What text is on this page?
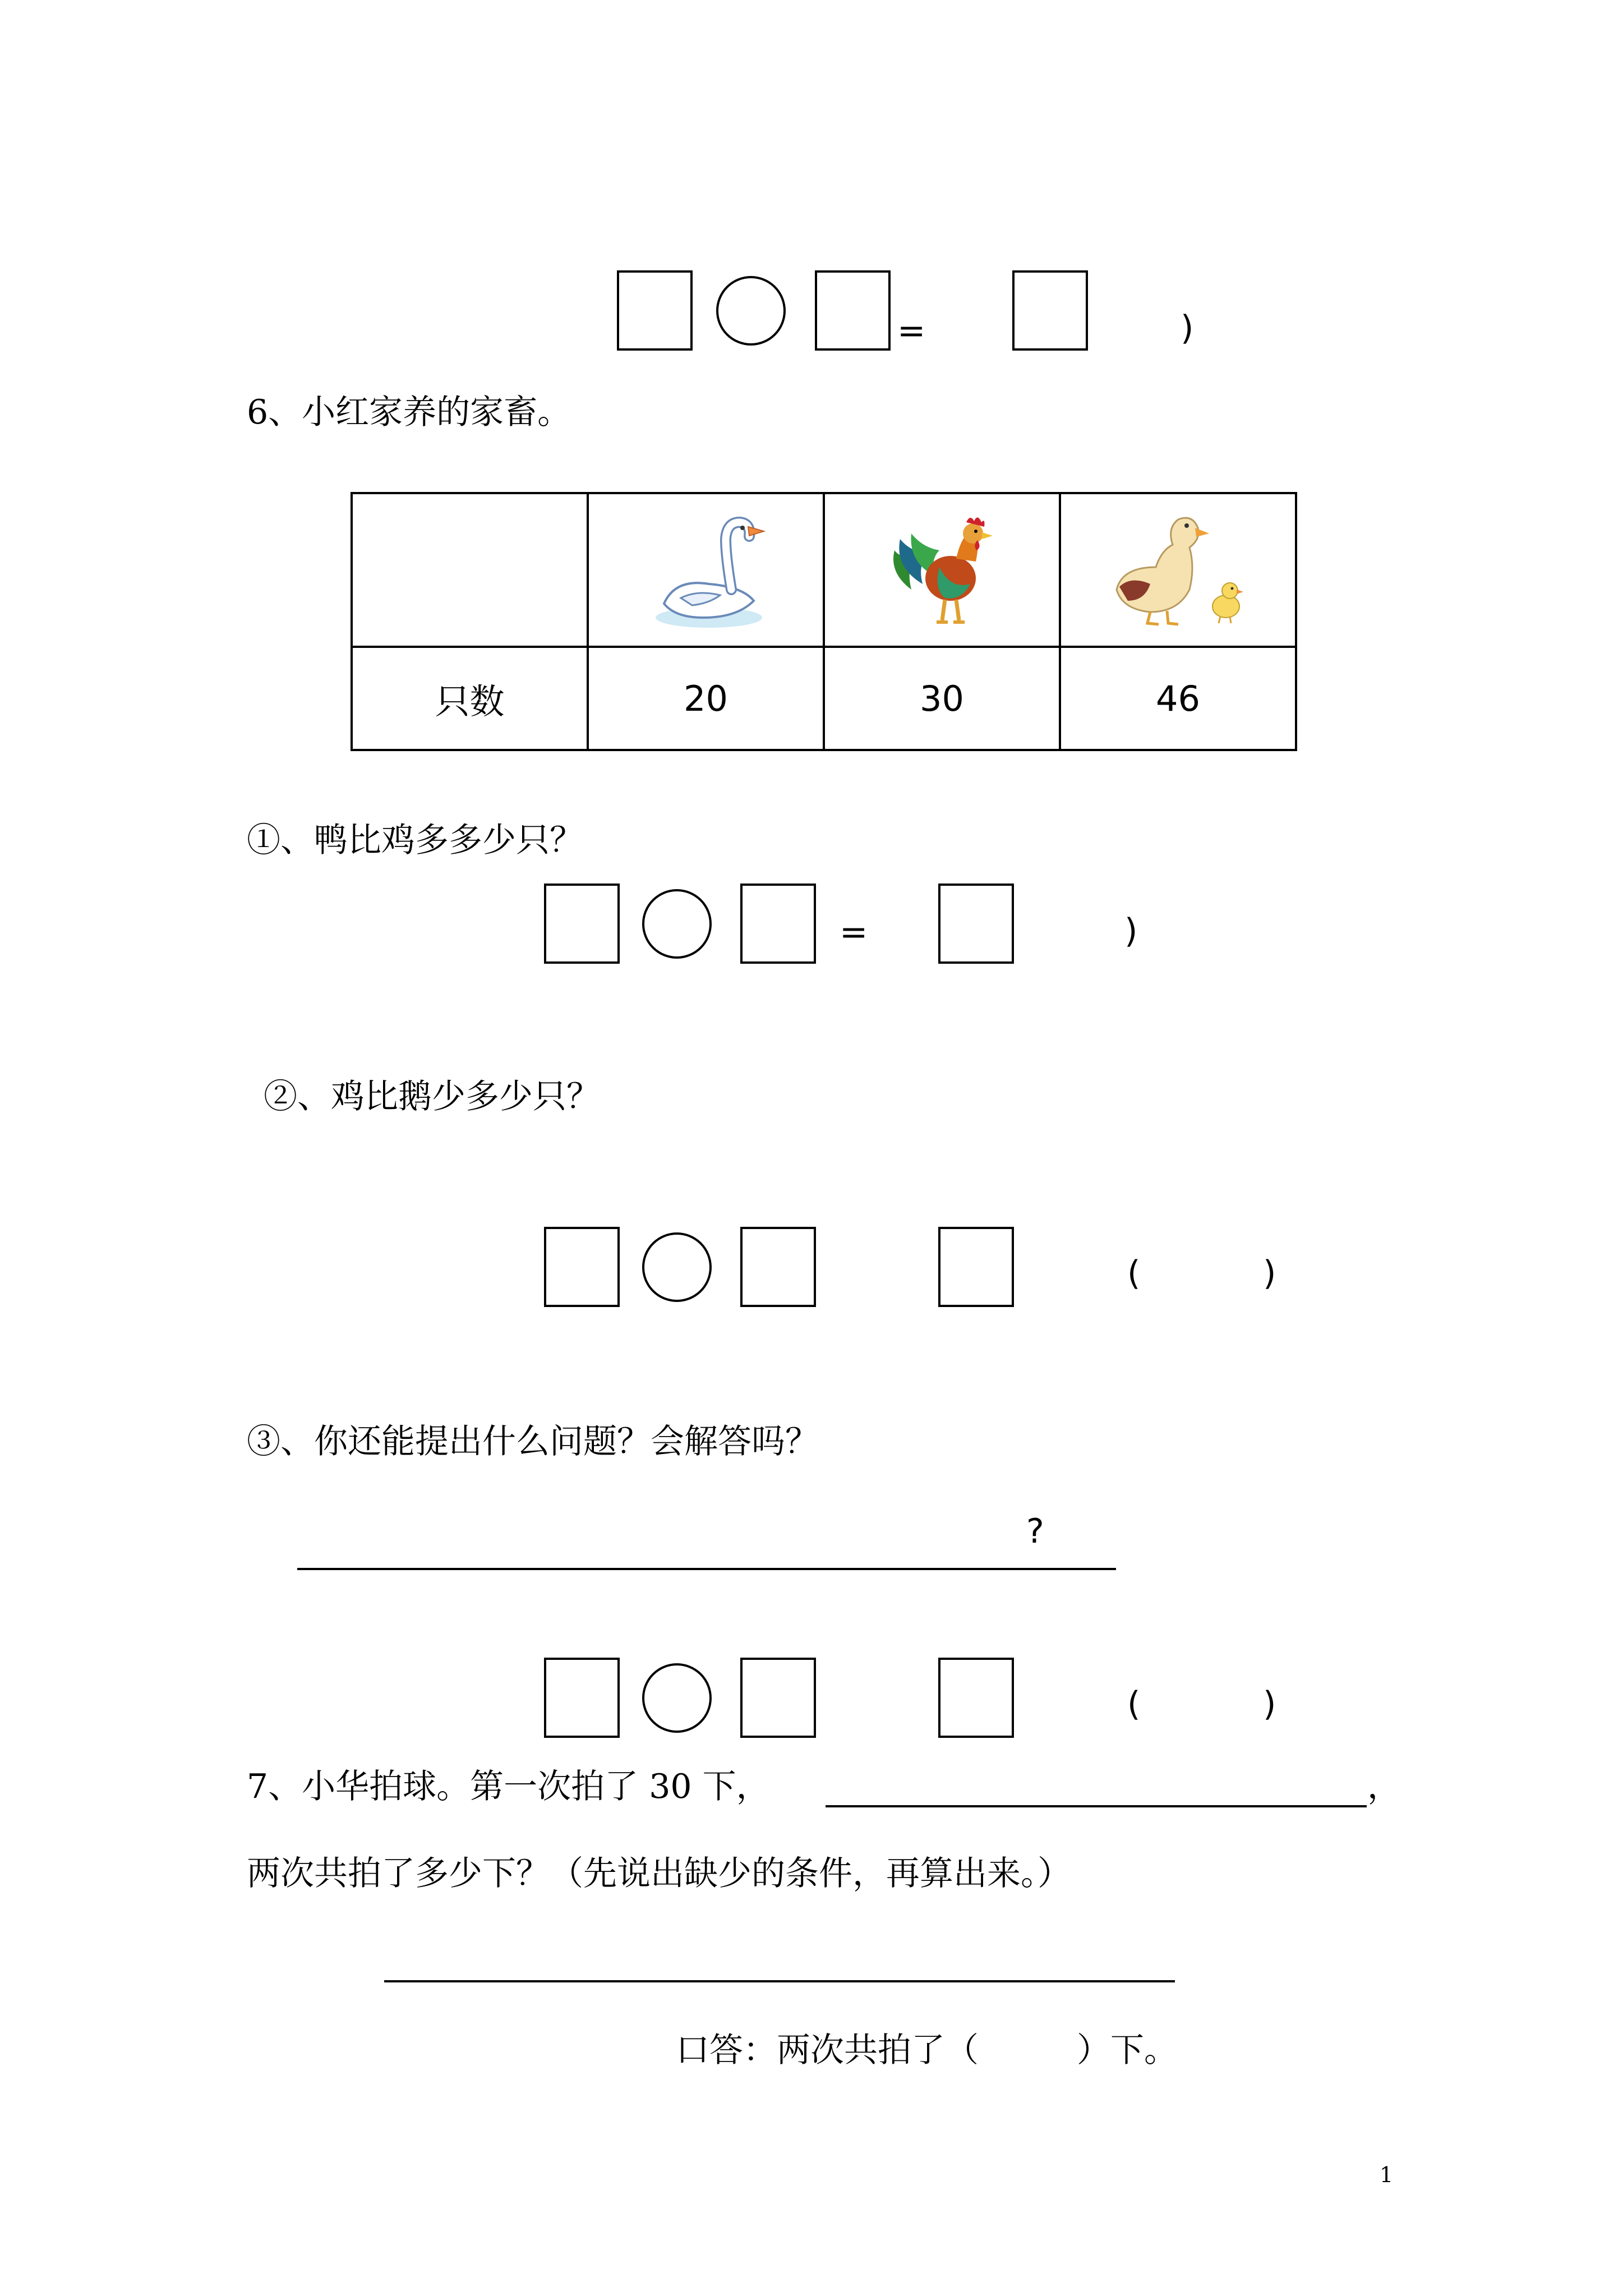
=	)
6、小红家养的家畜。

只数	20	30	46
①、鸭比鸡多多少只？
=	)
②、鸡比鹅少多少只？
(	)
③、你还能提出什么问题？会解答吗？
?
(	)
7、小华拍球。第一次拍了 30 下，	，
两次共拍了多少下？（先说出缺少的条件，再算出来。）
口答：两次共拍了（	）下。
1
